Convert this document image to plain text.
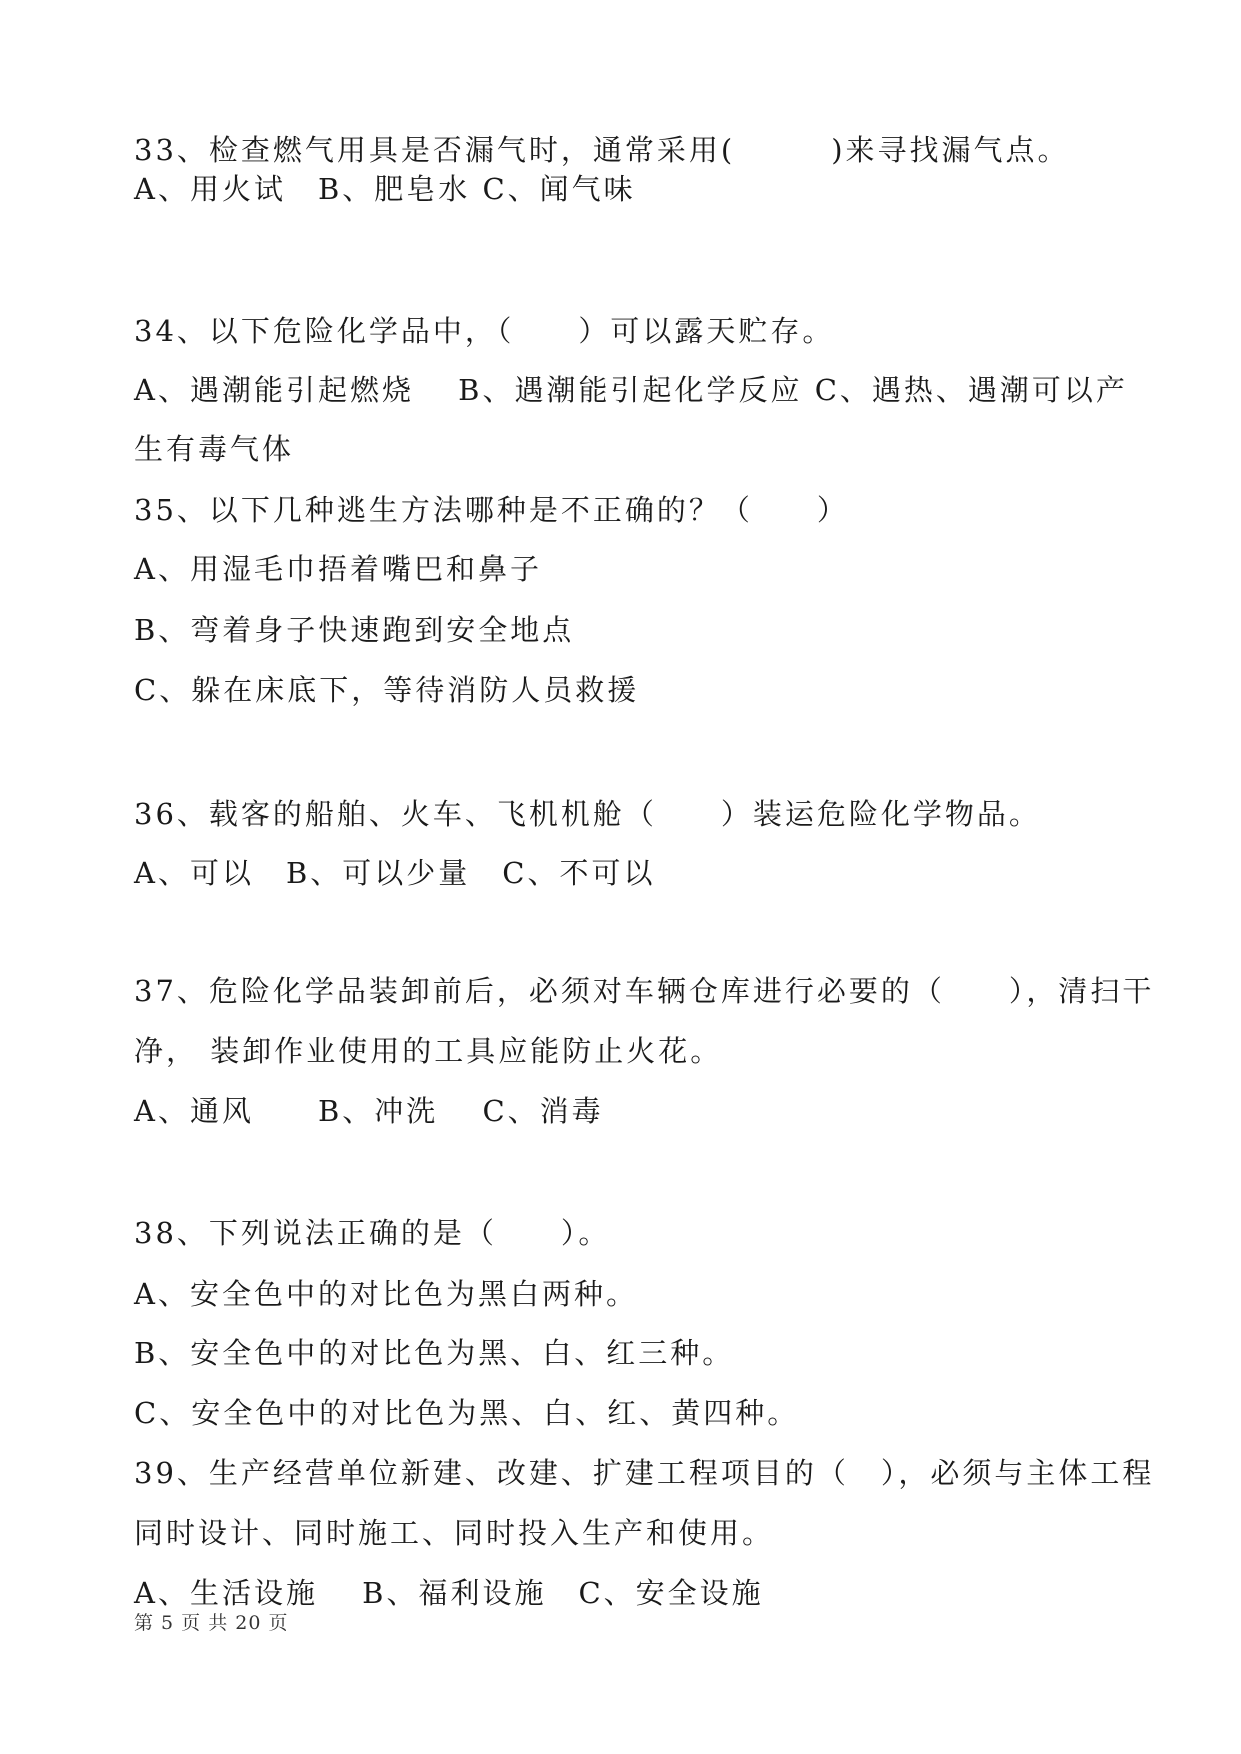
33、检查燃气用具是否漏气时，通常采用(　　　)来寻找漏气点。
A、用火试　B、肥皂水 C、闻气味
34、以下危险化学品中，（　　）可以露天贮存。
A、遇潮能引起燃烧　 B、遇潮能引起化学反应 C、遇热、遇潮可以产
生有毒气体
35、以下几种逃生方法哪种是不正确的？（　　）
A、用湿毛巾捂着嘴巴和鼻子
B、弯着身子快速跑到安全地点
C、躲在床底下，等待消防人员救援
36、载客的船舶、火车、飞机机舱（　　）装运危险化学物品。
A、可以　B、可以少量　C、不可以
37、危险化学品装卸前后，必须对车辆仓库进行必要的（　　），清扫干
净， 装卸作业使用的工具应能防止火花。
A、通风　　B、冲洗　 C、消毒
38、下列说法正确的是（　　）。
A、安全色中的对比色为黑白两种。
B、安全色中的对比色为黑、白、红三种。
C、安全色中的对比色为黑、白、红、黄四种。
39、生产经营单位新建、改建、扩建工程项目的（　），必须与主体工程
同时设计、同时施工、同时投入生产和使用。
A、生活设施　 B、福利设施　C、安全设施
第 5 页 共 20 页
